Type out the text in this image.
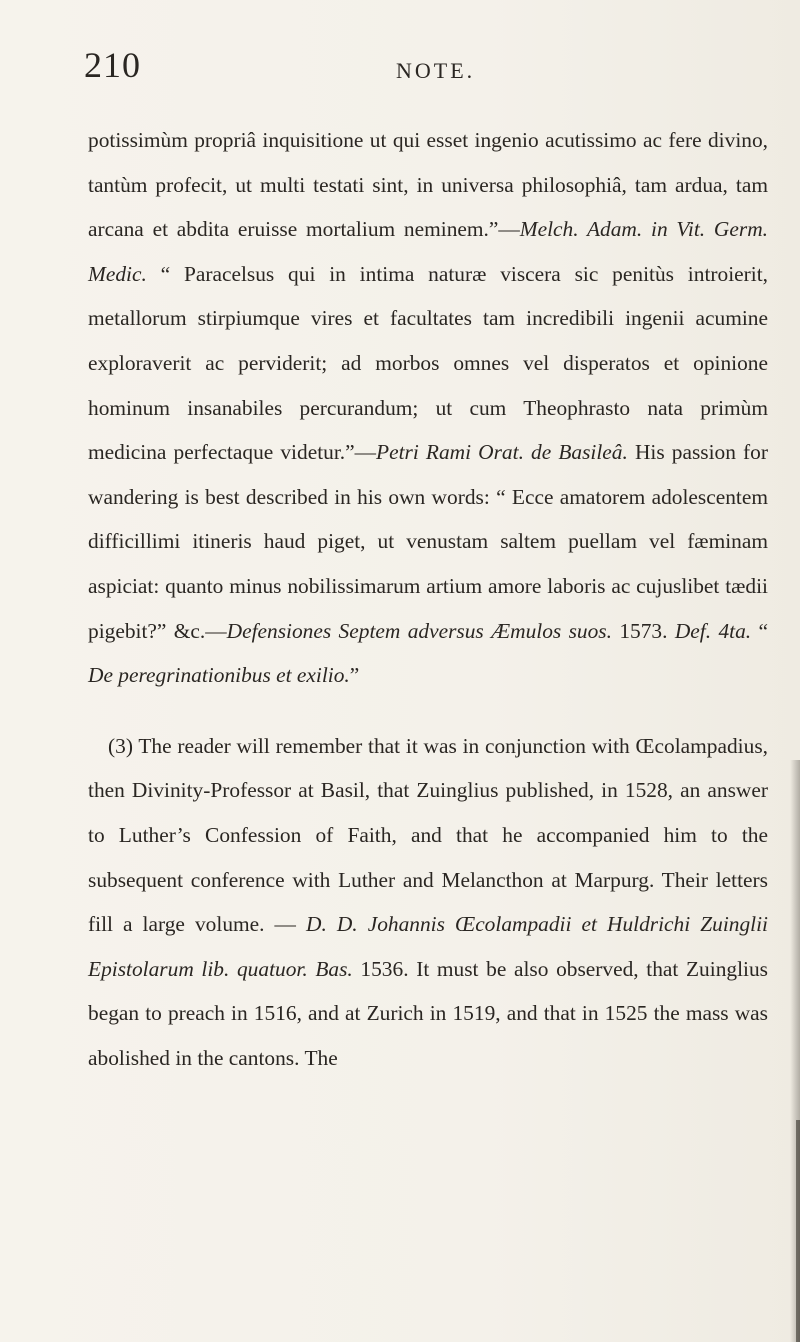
210	NOTE.

potissimùm propriâ inquisitione ut qui esset ingenio acutissimo ac fere divino, tantùm profecit, ut multi testati sint, in universa philosophiâ, tam ardua, tam arcana et abdita eruisse mortalium neminem.”—Melch. Adam. in Vit. Germ. Medic. “ Paracelsus qui in intima naturæ viscera sic penitùs introierit, metallorum stirpiumque vires et facultates tam incredibili ingenii acumine exploraverit ac perviderit; ad morbos omnes vel disperatos et opinione hominum insanabiles percurandum; ut cum Theophrasto nata primùm medicina perfectaque videtur.”—Petri Rami Orat. de Basileâ. His passion for wandering is best described in his own words: “ Ecce amatorem adolescentem difficillimi itineris haud piget, ut venustam saltem puellam vel fæminam aspiciat: quanto minus nobilissimarum artium amore laboris ac cujuslibet tædii pigebit?” &c.—Defensiones Septem adversus Æmulos suos. 1573. Def. 4ta. “ De peregrinationibus et exilio.”

(3) The reader will remember that it was in conjunction with Œcolampadius, then Divinity-Professor at Basil, that Zuinglius published, in 1528, an answer to Luther’s Confession of Faith, and that he accompanied him to the subsequent conference with Luther and Melancthon at Marpurg. Their letters fill a large volume. — D. D. Johannis Œcolampadii et Huldrichi Zuinglii Epistolarum lib. quatuor. Bas. 1536. It must be also observed, that Zuinglius began to preach in 1516, and at Zurich in 1519, and that in 1525 the mass was abolished in the cantons. The
